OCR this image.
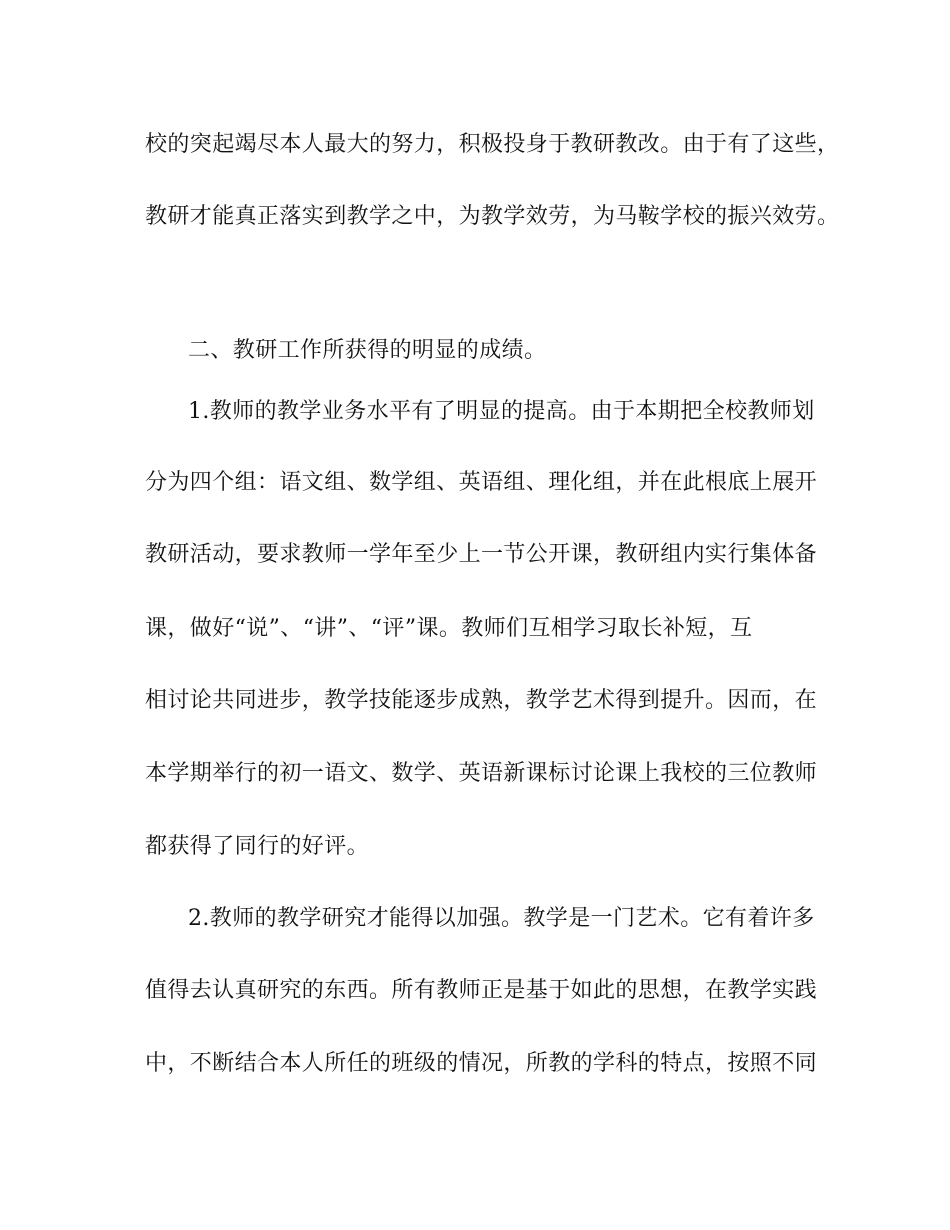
校的突起竭尽本人最大的努力，积极投身于教研教改。由于有了这些，
教研才能真正落实到教学之中，为教学效劳，为马鞍学校的振兴效劳。
二、教研工作所获得的明显的成绩。
1.教师的教学业务水平有了明显的提高。由于本期把全校教师划
分为四个组：语文组、数学组、英语组、理化组，并在此根底上展开
教研活动，要求教师一学年至少上一节公开课，教研组内实行集体备
课，做好“说”、“讲”、“评”课。教师们互相学习取长补短，互
相讨论共同进步，教学技能逐步成熟，教学艺术得到提升。因而，在
本学期举行的初一语文、数学、英语新课标讨论课上我校的三位教师
都获得了同行的好评。
2.教师的教学研究才能得以加强。教学是一门艺术。它有着许多
值得去认真研究的东西。所有教师正是基于如此的思想，在教学实践
中，不断结合本人所任的班级的情况，所教的学科的特点，按照不同
